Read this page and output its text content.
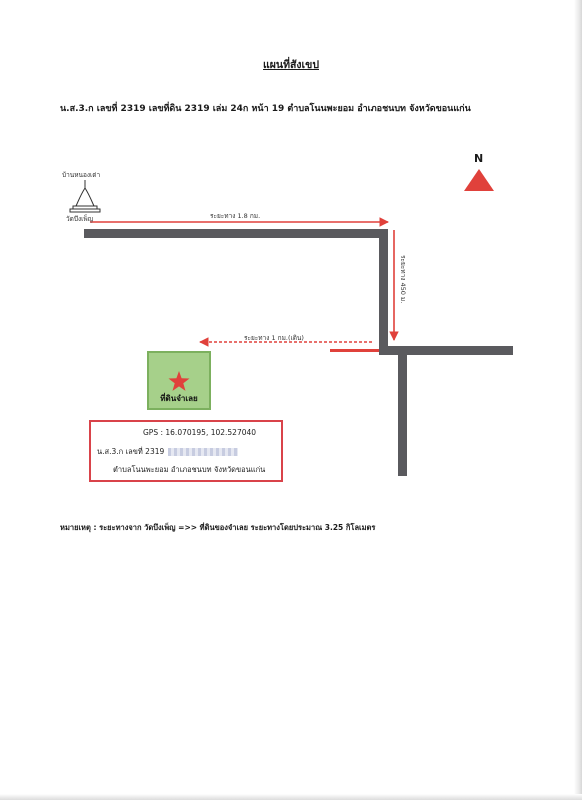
แผนที่สังเขป
น.ส.3.ก เลขที่ 2319 เลขที่ดิน 2319 เล่ม 24ก หน้า 19 ตำบลโนนพะยอม อำเภอชนบท จังหวัดขอนแก่น
N
บ้านหนองเต่า
วัดบึงเพ็ญ	ระยะทาง 1.8 กม.
ระยะทาง 450 ม.
ระยะทาง 1 กม.(เดิน)
ที่ดินจำเลย
GPS : 16.070195, 102.527040
น.ส.3.ก เลขที่ 2319
ตำบลโนนพะยอม อำเภอชนบท จังหวัดขอนแก่น
หมายเหตุ : ระยะทางจาก วัดบึงเพ็ญ =>> ที่ดินของจำเลย ระยะทางโดยประมาณ 3.25 กิโลเมตร
